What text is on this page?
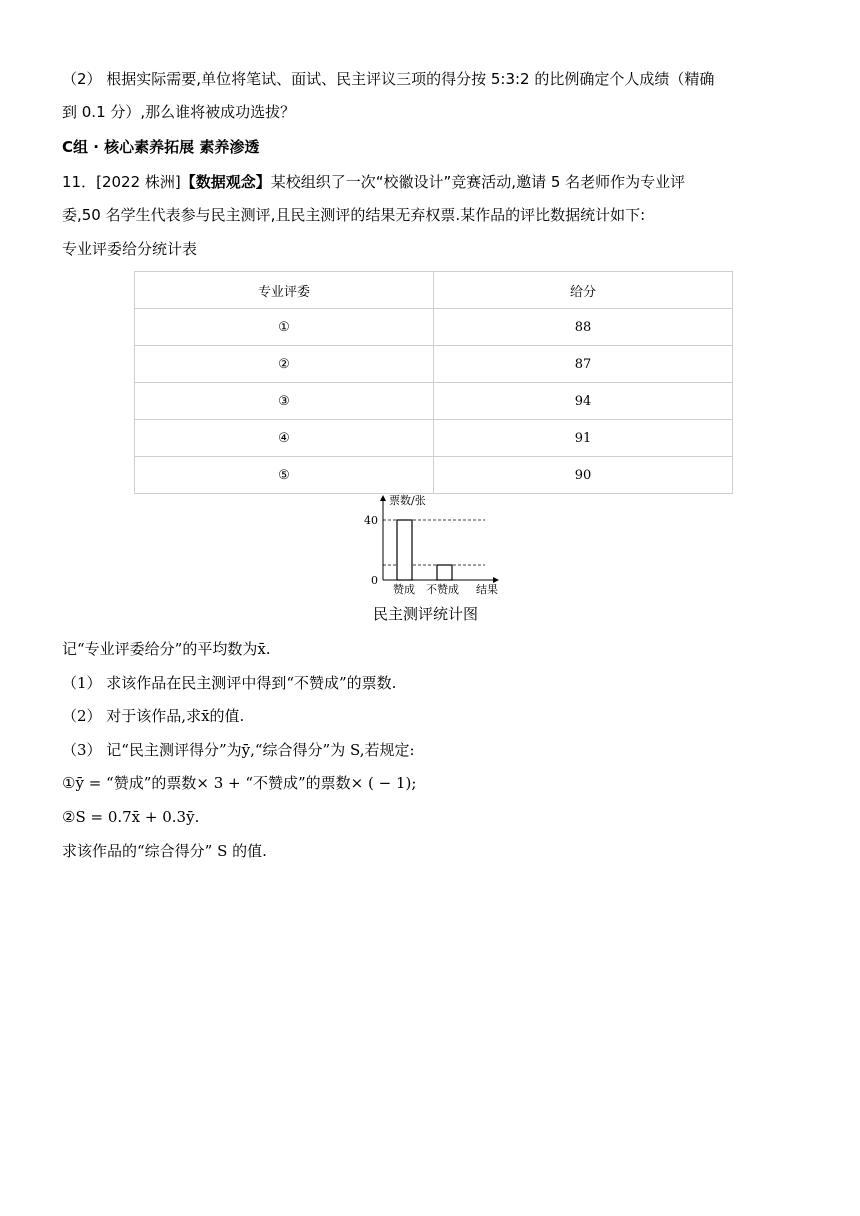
（2） 根据实际需要,单位将笔试、面试、民主评议三项的得分按 5:3:2 的比例确定个人成绩（精确
到 0.1 分）,那么谁将被成功选拔？
C组 · 核心素养拓展 素养渗透
11．[2022 株洲]【数据观念】某校组织了一次“校徽设计”竞赛活动,邀请 5 名老师作为专业评
委,50 名学生代表参与民主测评,且民主测评的结果无弃权票.某作品的评比数据统计如下:
专业评委给分统计表
专业评委	给分
①	88
②	87
③	94
④	91
⑤	90
票数/张
结果
赞成 不赞成
40
0
民主测评统计图
记“专业评委给分”的平均数为x̄.
（1） 求该作品在民主测评中得到“不赞成”的票数.
（2） 对于该作品,求x̄的值.
（3） 记“民主测评得分”为ȳ,“综合得分”为 S,若规定:
①ȳ = “赞成”的票数× 3 + “不赞成”的票数× ( − 1);
②S = 0.7x̄ + 0.3ȳ.
求该作品的“综合得分” S 的值.
